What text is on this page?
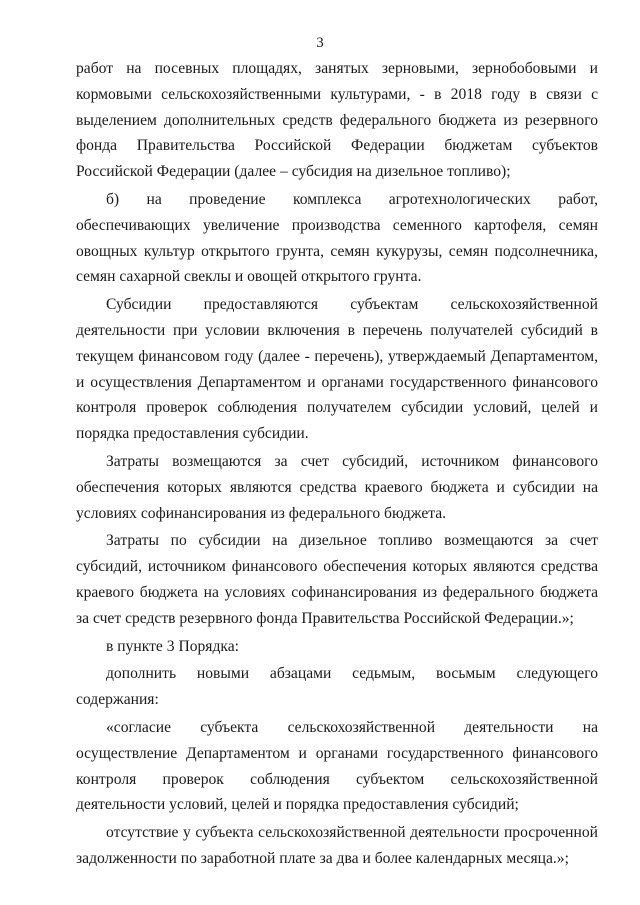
3

работ на посевных площадях, занятых зерновыми, зернобобовыми и кормовыми сельскохозяйственными культурами, - в 2018 году в связи с выделением дополнительных средств федерального бюджета из резервного фонда Правительства Российской Федерации бюджетам субъектов Российской Федерации (далее – субсидия на дизельное топливо);

б) на проведение комплекса агротехнологических работ, обеспечивающих увеличение производства семенного картофеля, семян овощных культур открытого грунта, семян кукурузы, семян подсолнечника, семян сахарной свеклы и овощей открытого грунта.

Субсидии предоставляются субъектам сельскохозяйственной деятельности при условии включения в перечень получателей субсидий в текущем финансовом году (далее - перечень), утверждаемый Департаментом, и осуществления Департаментом и органами государственного финансового контроля проверок соблюдения получателем субсидии условий, целей и порядка предоставления субсидии.

Затраты возмещаются за счет субсидий, источником финансового обеспечения которых являются средства краевого бюджета и субсидии на условиях софинансирования из федерального бюджета.

Затраты по субсидии на дизельное топливо возмещаются за счет субсидий, источником финансового обеспечения которых являются средства краевого бюджета на условиях софинансирования из федерального бюджета за счет средств резервного фонда Правительства Российской Федерации.»;

в пункте 3 Порядка:

дополнить новыми абзацами седьмым, восьмым следующего содержания:

«согласие субъекта сельскохозяйственной деятельности на осуществление Департаментом и органами государственного финансового контроля проверок соблюдения субъектом сельскохозяйственной деятельности условий, целей и порядка предоставления субсидий;

отсутствие у субъекта сельскохозяйственной деятельности просроченной задолженности по заработной плате за два и более календарных месяца.»;
